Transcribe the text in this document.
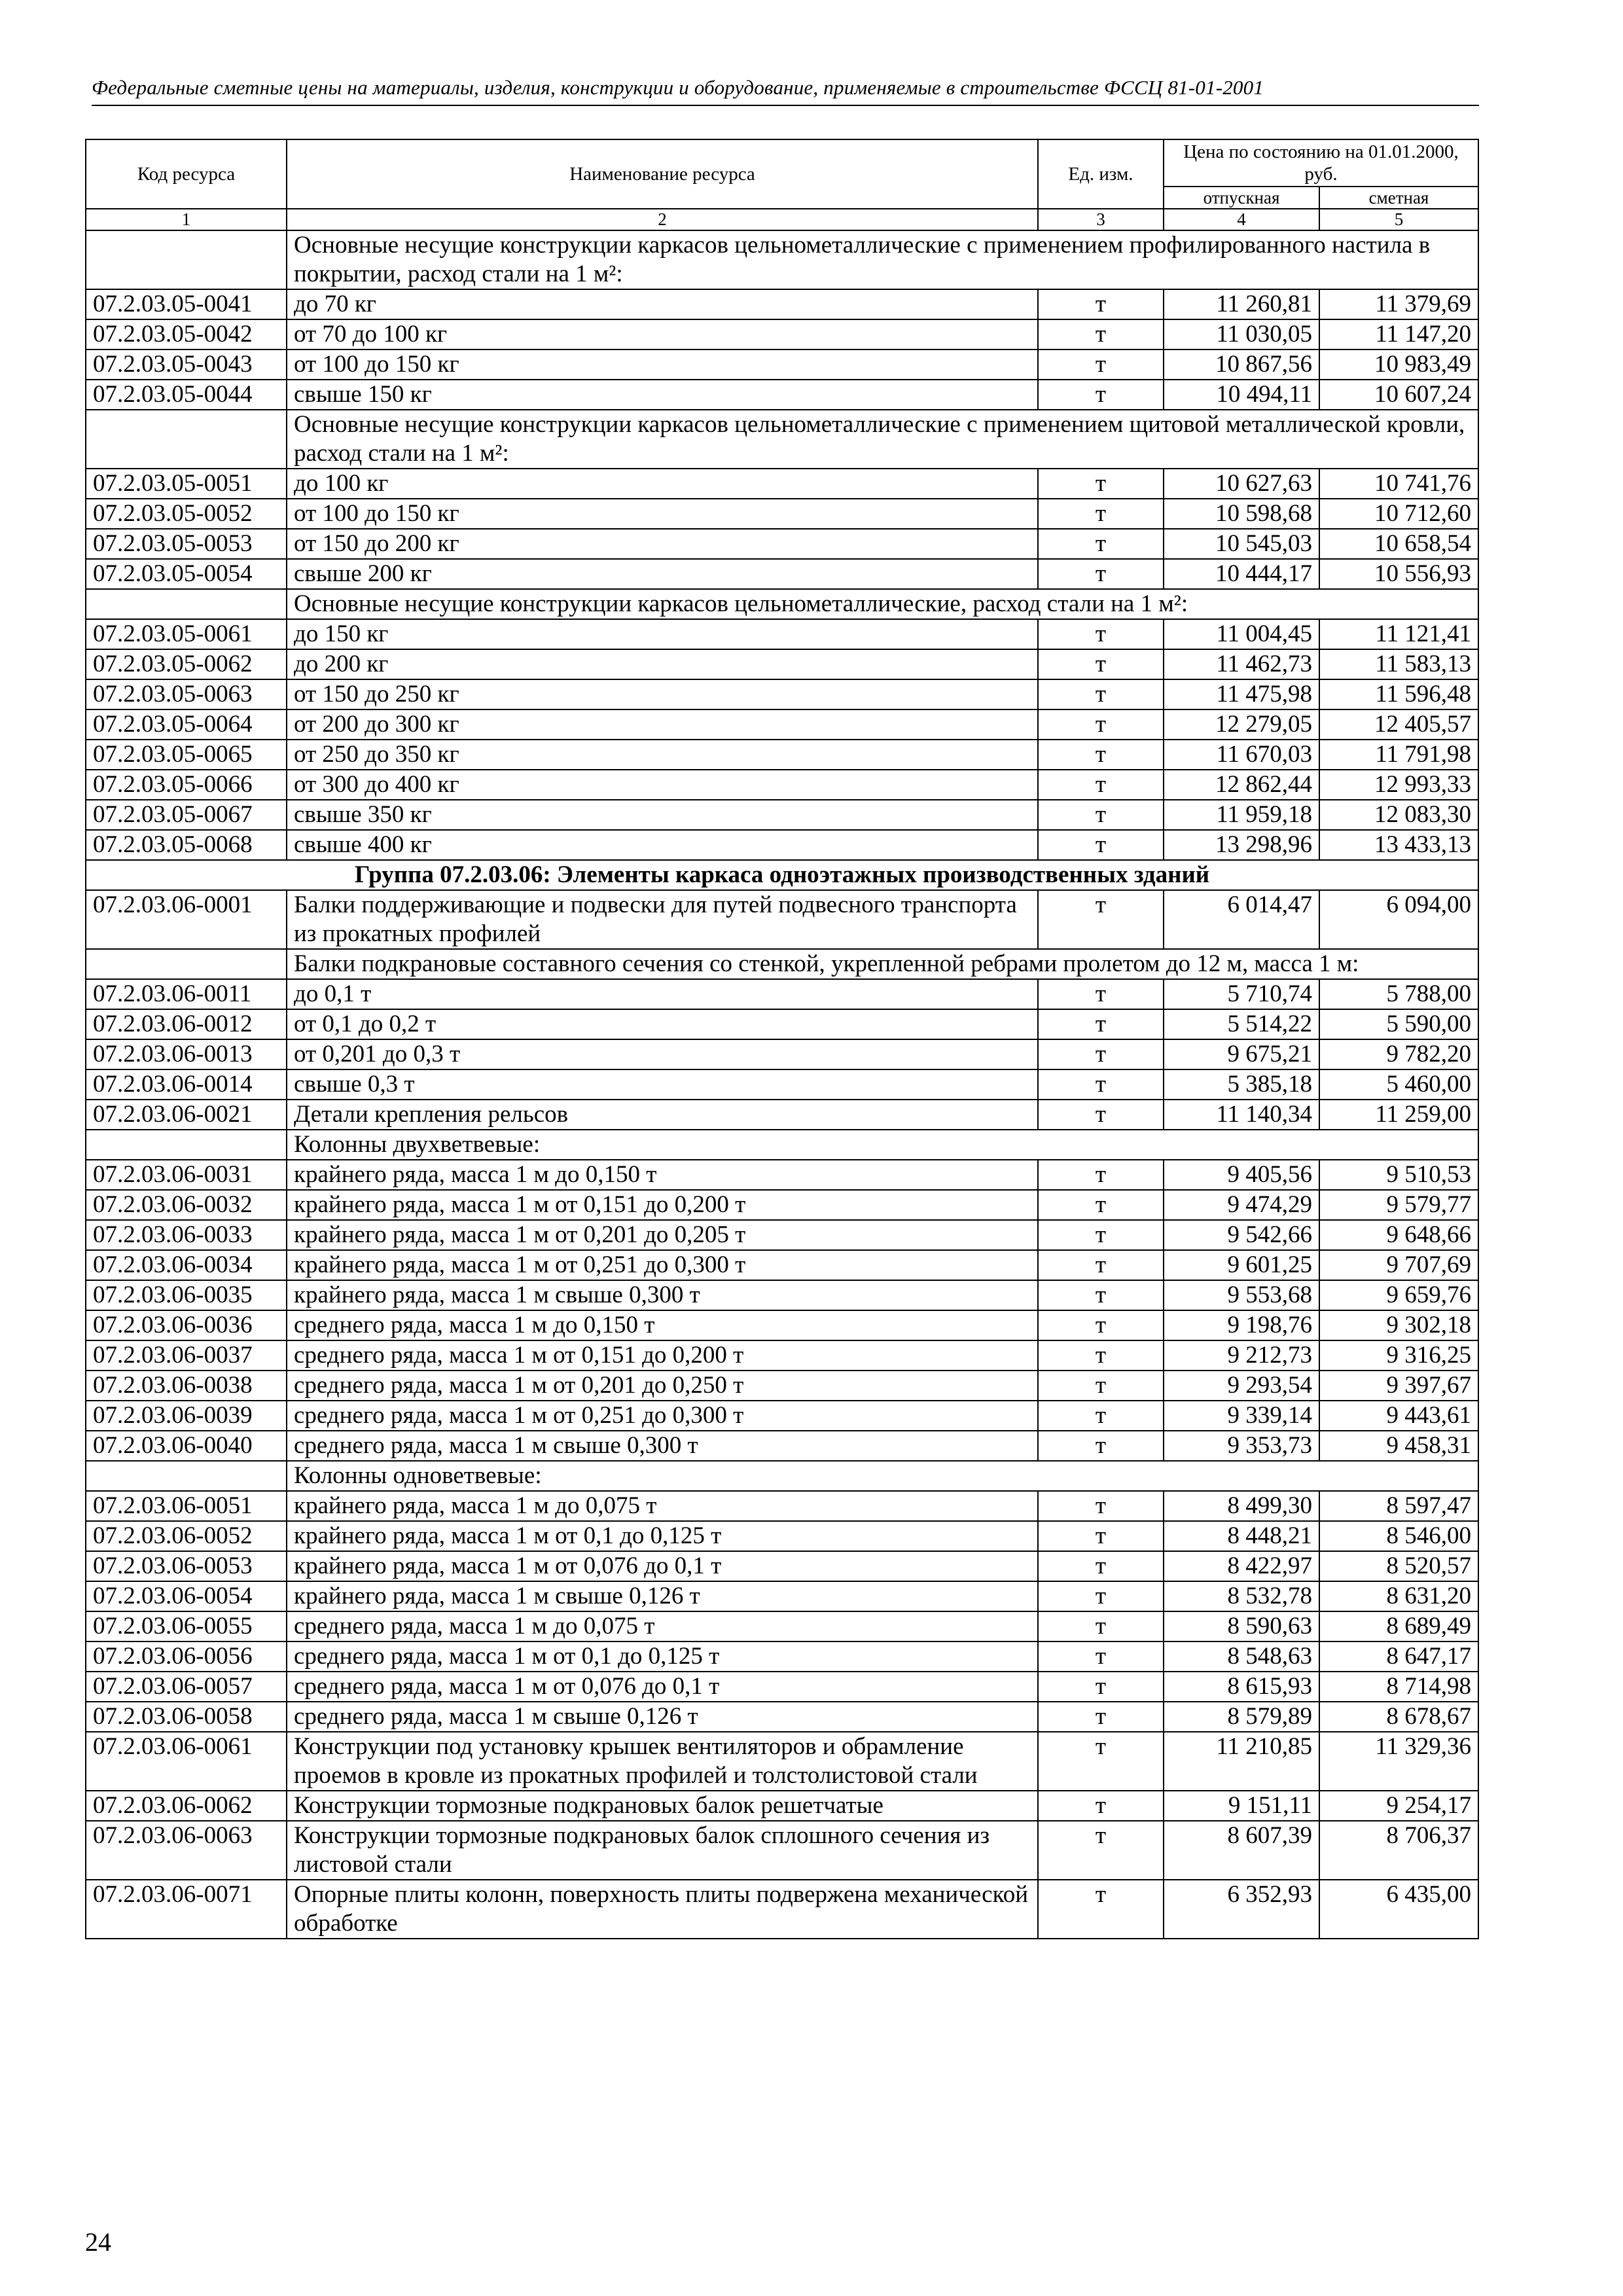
Федеральные сметные цены на материалы, изделия, конструкции и оборудование, применяемые в строительстве ФССЦ 81-01-2001
Код ресурса	Наименование ресурса	Ед. изм.	Цена по состоянию на 01.01.2000, руб.	
			отпускная	сметная
1	2	3	4	5
	Основные несущие конструкции каркасов цельнометаллические с применением профилированного настила в покрытии, расход стали на 1 м²:			
07.2.03.05-0041	до 70 кг	т	11 260,81	11 379,69
07.2.03.05-0042	от 70 до 100 кг	т	11 030,05	11 147,20
07.2.03.05-0043	от 100 до 150 кг	т	10 867,56	10 983,49
07.2.03.05-0044	свыше 150 кг	т	10 494,11	10 607,24
	Основные несущие конструкции каркасов цельнометаллические с применением щитовой металлической кровли, расход стали на 1 м²:			
07.2.03.05-0051	до 100 кг	т	10 627,63	10 741,76
07.2.03.05-0052	от 100 до 150 кг	т	10 598,68	10 712,60
07.2.03.05-0053	от 150 до 200 кг	т	10 545,03	10 658,54
07.2.03.05-0054	свыше 200 кг	т	10 444,17	10 556,93
	Основные несущие конструкции каркасов цельнометаллические, расход стали на 1 м²:			
07.2.03.05-0061	до 150 кг	т	11 004,45	11 121,41
07.2.03.05-0062	до 200 кг	т	11 462,73	11 583,13
07.2.03.05-0063	от 150 до 250 кг	т	11 475,98	11 596,48
07.2.03.05-0064	от 200 до 300 кг	т	12 279,05	12 405,57
07.2.03.05-0065	от 250 до 350 кг	т	11 670,03	11 791,98
07.2.03.05-0066	от 300 до 400 кг	т	12 862,44	12 993,33
07.2.03.05-0067	свыше 350 кг	т	11 959,18	12 083,30
07.2.03.05-0068	свыше 400 кг	т	13 298,96	13 433,13
Группа 07.2.03.06: Элементы каркаса одноэтажных производственных зданий				
07.2.03.06-0001	Балки поддерживающие и подвески для путей подвесного транспорта из прокатных профилей	т	6 014,47	6 094,00
	Балки подкрановые составного сечения со стенкой, укрепленной ребрами пролетом до 12 м, масса 1 м:			
07.2.03.06-0011	до 0,1 т	т	5 710,74	5 788,00
07.2.03.06-0012	от 0,1 до 0,2 т	т	5 514,22	5 590,00
07.2.03.06-0013	от 0,201 до 0,3 т	т	9 675,21	9 782,20
07.2.03.06-0014	свыше 0,3 т	т	5 385,18	5 460,00
07.2.03.06-0021	Детали крепления рельсов	т	11 140,34	11 259,00
	Колонны двухветвевые:			
07.2.03.06-0031	крайнего ряда, масса 1 м до 0,150 т	т	9 405,56	9 510,53
07.2.03.06-0032	крайнего ряда, масса 1 м от 0,151 до 0,200 т	т	9 474,29	9 579,77
07.2.03.06-0033	крайнего ряда, масса 1 м от 0,201 до 0,205 т	т	9 542,66	9 648,66
07.2.03.06-0034	крайнего ряда, масса 1 м от 0,251 до 0,300 т	т	9 601,25	9 707,69
07.2.03.06-0035	крайнего ряда, масса 1 м свыше 0,300 т	т	9 553,68	9 659,76
07.2.03.06-0036	среднего ряда, масса 1 м до 0,150 т	т	9 198,76	9 302,18
07.2.03.06-0037	среднего ряда, масса 1 м от 0,151 до 0,200 т	т	9 212,73	9 316,25
07.2.03.06-0038	среднего ряда, масса 1 м от 0,201 до 0,250 т	т	9 293,54	9 397,67
07.2.03.06-0039	среднего ряда, масса 1 м от 0,251 до 0,300 т	т	9 339,14	9 443,61
07.2.03.06-0040	среднего ряда, масса 1 м свыше 0,300 т	т	9 353,73	9 458,31
	Колонны одноветвевые:			
07.2.03.06-0051	крайнего ряда, масса 1 м до 0,075 т	т	8 499,30	8 597,47
07.2.03.06-0052	крайнего ряда, масса 1 м от 0,1 до 0,125 т	т	8 448,21	8 546,00
07.2.03.06-0053	крайнего ряда, масса 1 м от 0,076 до 0,1 т	т	8 422,97	8 520,57
07.2.03.06-0054	крайнего ряда, масса 1 м свыше 0,126 т	т	8 532,78	8 631,20
07.2.03.06-0055	среднего ряда, масса 1 м до 0,075 т	т	8 590,63	8 689,49
07.2.03.06-0056	среднего ряда, масса 1 м от 0,1 до 0,125 т	т	8 548,63	8 647,17
07.2.03.06-0057	среднего ряда, масса 1 м от 0,076 до 0,1 т	т	8 615,93	8 714,98
07.2.03.06-0058	среднего ряда, масса 1 м свыше 0,126 т	т	8 579,89	8 678,67
07.2.03.06-0061	Конструкции под установку крышек вентиляторов и обрамление проемов в кровле из прокатных профилей и толстолистовой стали	т	11 210,85	11 329,36
07.2.03.06-0062	Конструкции тормозные подкрановых балок решетчатые	т	9 151,11	9 254,17
07.2.03.06-0063	Конструкции тормозные подкрановых балок сплошного сечения из листовой стали	т	8 607,39	8 706,37
07.2.03.06-0071	Опорные плиты колонн, поверхность плиты подвержена механической обработке	т	6 352,93	6 435,00
24
